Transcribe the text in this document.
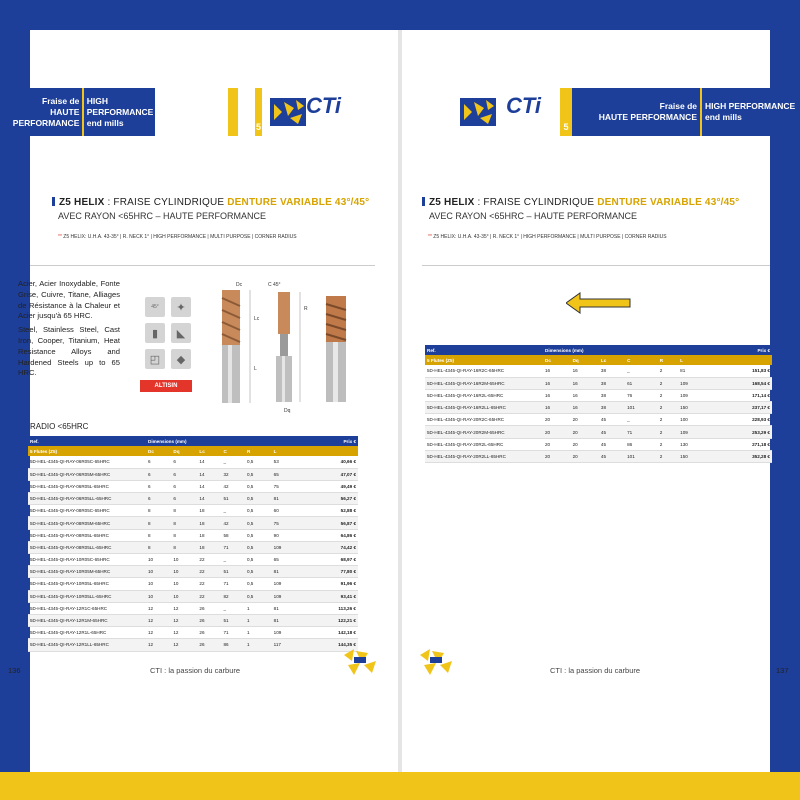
Fraise de
HAUTE PERFORMANCE
HIGH PERFORMANCE
end mills	5
CTi
5
CTi
5
Fraise de
HAUTE PERFORMANCE
HIGH PERFORMANCE
end mills
Z5 HELIX : FRAISE CYLINDRIQUE DENTURE VARIABLE 43°/45°
AVEC RAYON <65HRC – HAUTE PERFORMANCE
** Z5 HELIX: U.H.A. 43-35° | R. NECK 1° | HIGH PERFORMANCE | MULTI PURPOSE | CORNER RADIUS
Z5 HELIX : FRAISE CYLINDRIQUE DENTURE VARIABLE 43°/45°
AVEC RAYON <65HRC – HAUTE PERFORMANCE
** Z5 HELIX: U.H.A. 43-35° | R. NECK 1° | HIGH PERFORMANCE | MULTI PURPOSE | CORNER RADIUS

Acier, Acier Inoxydable, Fonte Grise, Cuivre, Titane, Alliages de Résistance à la Chaleur et Acier jusqu'à 65 HRC.

Steel, Stainless Steel, Cast Iron, Cooper, Titanium, Heat Resistance Alloys and Hardened Steels up to 65 HRC.

45°	✦
▮	◣
◰	◆
ALTISIN
Dc	C 45°
Lc
L
R
Dq
RADIO <65HRC
Ref.	Dimensions (mm)						Prix €
5 Flutes (Z5)	Dc	Dq	Lc	C	R	L	
5D-HEL-4345-QI-RAY-06R05C-65HRC	6	6	14	_	0,5	53	40,66 €
5D-HEL-4345-QI-RAY-06R05M-65HRC	6	6	14	32	0,5	65	47,07 €
5D-HEL-4345-QI-RAY-06R05L-65HRC	6	6	14	42	0,5	75	49,49 €
5D-HEL-4345-QI-RAY-06R05LL-65HRC	6	6	14	51	0,5	81	56,27 €
5D-HEL-4345-QI-RAY-08R05C-65HRC	8	8	18	_	0,5	60	52,88 €
5D-HEL-4345-QI-RAY-08R05M-65HRC	8	8	18	42	0,5	75	56,87 €
5D-HEL-4345-QI-RAY-08R05L-65HRC	8	8	18	58	0,5	90	64,86 €
5D-HEL-4345-QI-RAY-08R05LL-65HRC	8	8	18	71	0,5	109	74,42 €
5D-HEL-4345-QI-RAY-10R05C-65HRC	10	10	22	_	0,5	65	68,97 €
5D-HEL-4345-QI-RAY-10R05M-65HRC	10	10	22	51	0,5	81	77,80 €
5D-HEL-4345-QI-RAY-10R05L-65HRC	10	10	22	71	0,5	109	91,96 €
5D-HEL-4345-QI-RAY-10R05LL-65HRC	10	10	22	82	0,5	109	93,41 €
5D-HEL-4345-QI-RAY-12R1C-65HRC	12	12	26	_	1	81	113,26 €
5D-HEL-4345-QI-RAY-12R1M-65HRC	12	12	26	51	1	81	122,21 €
5D-HEL-4345-QI-RAY-12R1L-65HRC	12	12	26	71	1	109	142,18 €
5D-HEL-4345-QI-RAY-12R1LL-65HRC	12	12	26	86	1	117	144,35 €
Ref.	Dimensions (mm)						Prix €
5 Flutes (Z5)	Dc	Dq	Lc	C	R	L	
5D-HEL-4345-QI-RAY-16R2C-65HRC	16	16	38	_	2	81	151,83 €
5D-HEL-4345-QI-RAY-16R2M-65HRC	16	16	38	61	2	109	168,54 €
5D-HEL-4345-QI-RAY-16R2L-65HRC	16	16	38	76	2	109	171,14 €
5D-HEL-4345-QI-RAY-16R2LL-65HRC	16	16	38	101	2	150	237,17 €
5D-HEL-4345-QI-RAY-20R2C-65HRC	20	20	45	_	2	100	228,93 €
5D-HEL-4345-QI-RAY-20R2M-65HRC	20	20	45	71	2	109	253,29 €
5D-HEL-4345-QI-RAY-20R2L-65HRC	20	20	45	86	2	130	271,18 €
5D-HEL-4345-QI-RAY-20R2LL-65HRC	20	20	45	101	2	150	352,28 €
136	CTI : la passion du carbure	CTI : la passion du carbure	137
